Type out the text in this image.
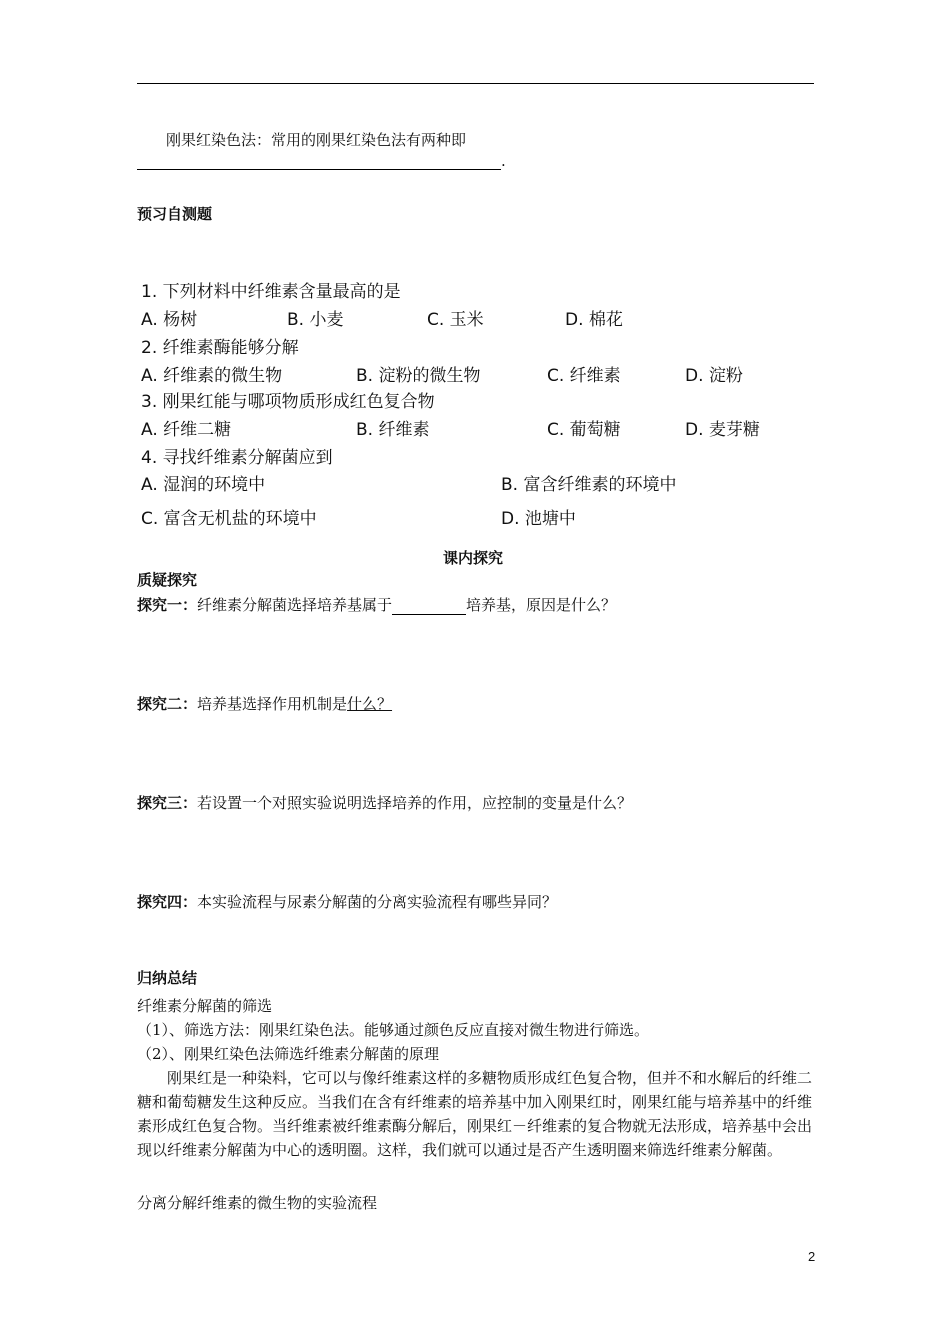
刚果红染色法：常用的刚果红染色法有两种即
.
预习自测题
1. 下列材料中纤维素含量最高的是
A. 杨树	B. 小麦	C. 玉米	D. 棉花
2. 纤维素酶能够分解
A. 纤维素的微生物	B. 淀粉的微生物	C. 纤维素	D. 淀粉
3. 刚果红能与哪项物质形成红色复合物
A. 纤维二糖	B. 纤维素	C. 葡萄糖	D. 麦芽糖
4. 寻找纤维素分解菌应到
A. 湿润的环境中	B. 富含纤维素的环境中
C. 富含无机盐的环境中	D. 池塘中
课内探究
质疑探究
探究一：纤维素分解菌选择培养基属于	培养基，原因是什么？
探究二：培养基选择作用机制是什么？
探究三：若设置一个对照实验说明选择培养的作用，应控制的变量是什么？
探究四：本实验流程与尿素分解菌的分离实验流程有哪些异同？
归纳总结
纤维素分解菌的筛选
（1）、筛选方法：刚果红染色法。能够通过颜色反应直接对微生物进行筛选。
（2）、刚果红染色法筛选纤维素分解菌的原理
刚果红是一种染料，它可以与像纤维素这样的多糖物质形成红色复合物，但并不和水解后的纤维二糖和葡萄糖发生这种反应。当我们在含有纤维素的培养基中加入刚果红时，刚果红能与培养基中的纤维素形成红色复合物。当纤维素被纤维素酶分解后，刚果红－纤维素的复合物就无法形成，培养基中会出现以纤维素分解菌为中心的透明圈。这样，我们就可以通过是否产生透明圈来筛选纤维素分解菌。
分离分解纤维素的微生物的实验流程
2
